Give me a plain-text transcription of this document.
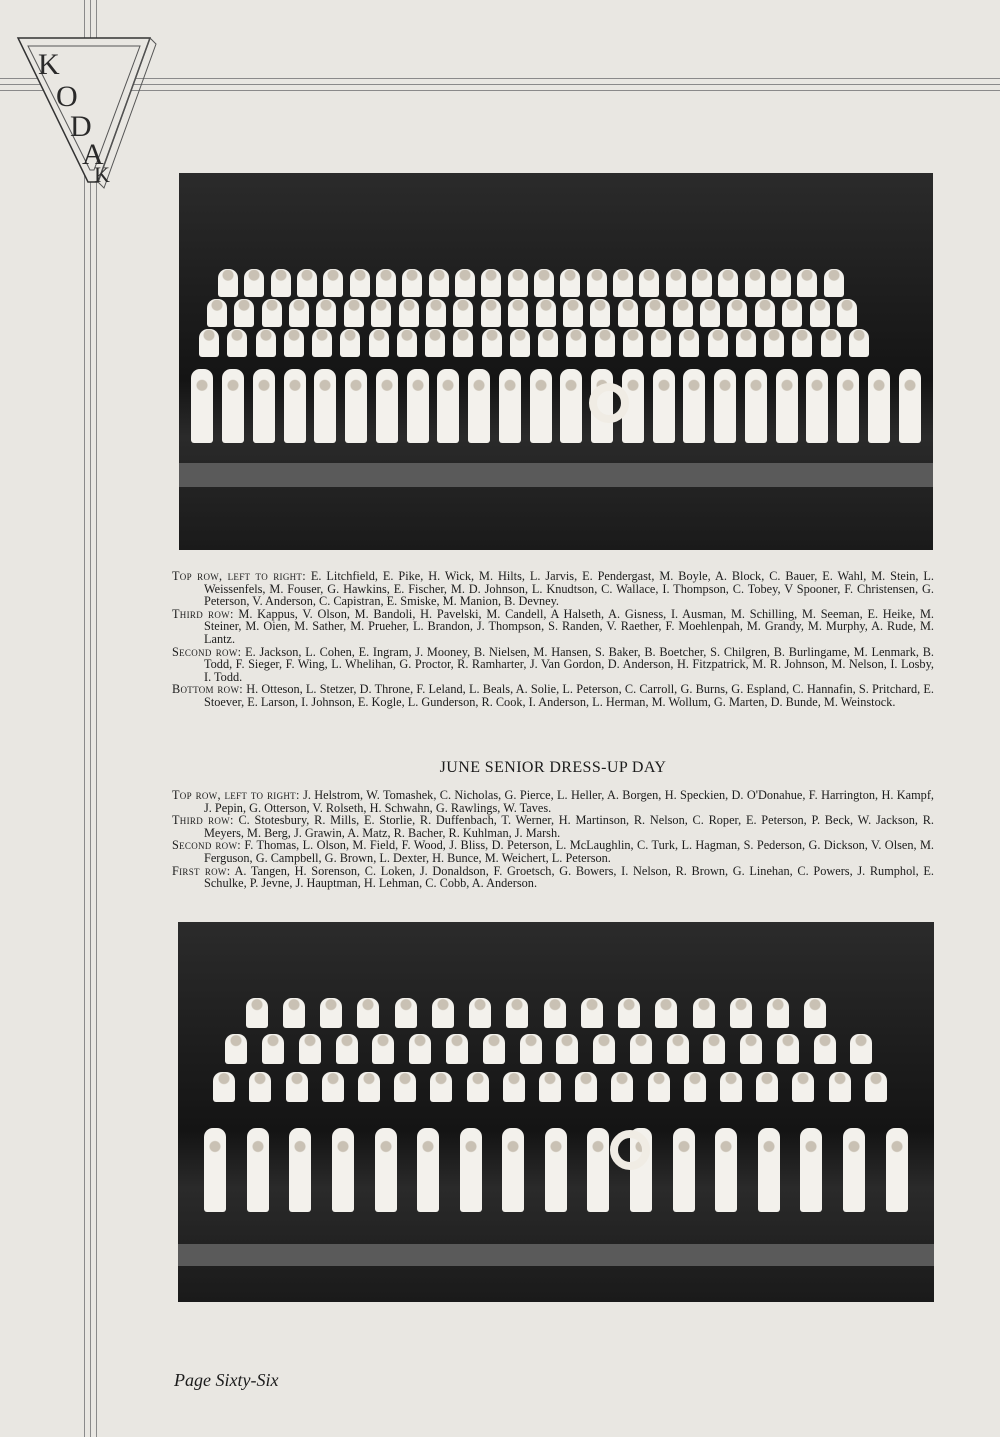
K
O
D
A
K

Top row, left to right: E. Litchfield, E. Pike, H. Wick, M. Hilts, L. Jarvis, E. Pendergast, M. Boyle, A. Block, C. Bauer, E. Wahl, M. Stein, L. Weissenfels, M. Fouser, G. Hawkins, E. Fischer, M. D. Johnson, L. Knudtson, C. Wallace, I. Thompson, C. Tobey, V Spooner, F. Christensen, G. Peterson, V. Anderson, C. Capistran, E. Smiske, M. Manion, B. Devney.

Third row: M. Kappus, V. Olson, M. Bandoli, H. Pavelski, M. Candell, A Halseth, A. Gisness, I. Ausman, M. Schilling, M. Seeman, E. Heike, M. Steiner, M. Oien, M. Sather, M. Prueher, L. Brandon, J. Thompson, S. Randen, V. Raether, F. Moehlenpah, M. Grandy, M. Murphy, A. Rude, M. Lantz.

Second row: E. Jackson, L. Cohen, E. Ingram, J. Mooney, B. Nielsen, M. Hansen, S. Baker, B. Boetcher, S. Chilgren, B. Burlingame, M. Lenmark, B. Todd, F. Sieger, F. Wing, L. Whelihan, G. Proctor, R. Ramharter, J. Van Gordon, D. Anderson, H. Fitzpatrick, M. R. Johnson, M. Nelson, I. Losby, I. Todd.

Bottom row: H. Otteson, L. Stetzer, D. Throne, F. Leland, L. Beals, A. Solie, L. Peterson, C. Carroll, G. Burns, G. Espland, C. Hannafin, S. Pritchard, E. Stoever, E. Larson, I. Johnson, E. Kogle, L. Gunderson, R. Cook, I. Anderson, L. Herman, M. Wollum, G. Marten, D. Bunde, M. Weinstock.

JUNE SENIOR DRESS-UP DAY

Top row, left to right: J. Helstrom, W. Tomashek, C. Nicholas, G. Pierce, L. Heller, A. Borgen, H. Speckien, D. O'Donahue, F. Harrington, H. Kampf, J. Pepin, G. Otterson, V. Rolseth, H. Schwahn, G. Rawlings, W. Taves.

Third row: C. Stotesbury, R. Mills, E. Storlie, R. Duffenbach, T. Werner, H. Martinson, R. Nelson, C. Roper, E. Peterson, P. Beck, W. Jackson, R. Meyers, M. Berg, J. Grawin, A. Matz, R. Bacher, R. Kuhlman, J. Marsh.

Second row: F. Thomas, L. Olson, M. Field, F. Wood, J. Bliss, D. Peterson, L. McLaughlin, C. Turk, L. Hagman, S. Pederson, G. Dickson, V. Olsen, M. Ferguson, G. Campbell, G. Brown, L. Dexter, H. Bunce, M. Weichert, L. Peterson.

First row: A. Tangen, H. Sorenson, C. Loken, J. Donaldson, F. Groetsch, G. Bowers, I. Nelson, R. Brown, G. Linehan, C. Powers, J. Rumphol, E. Schulke, P. Jevne, J. Hauptman, H. Lehman, C. Cobb, A. Anderson.

Page Sixty-Six
